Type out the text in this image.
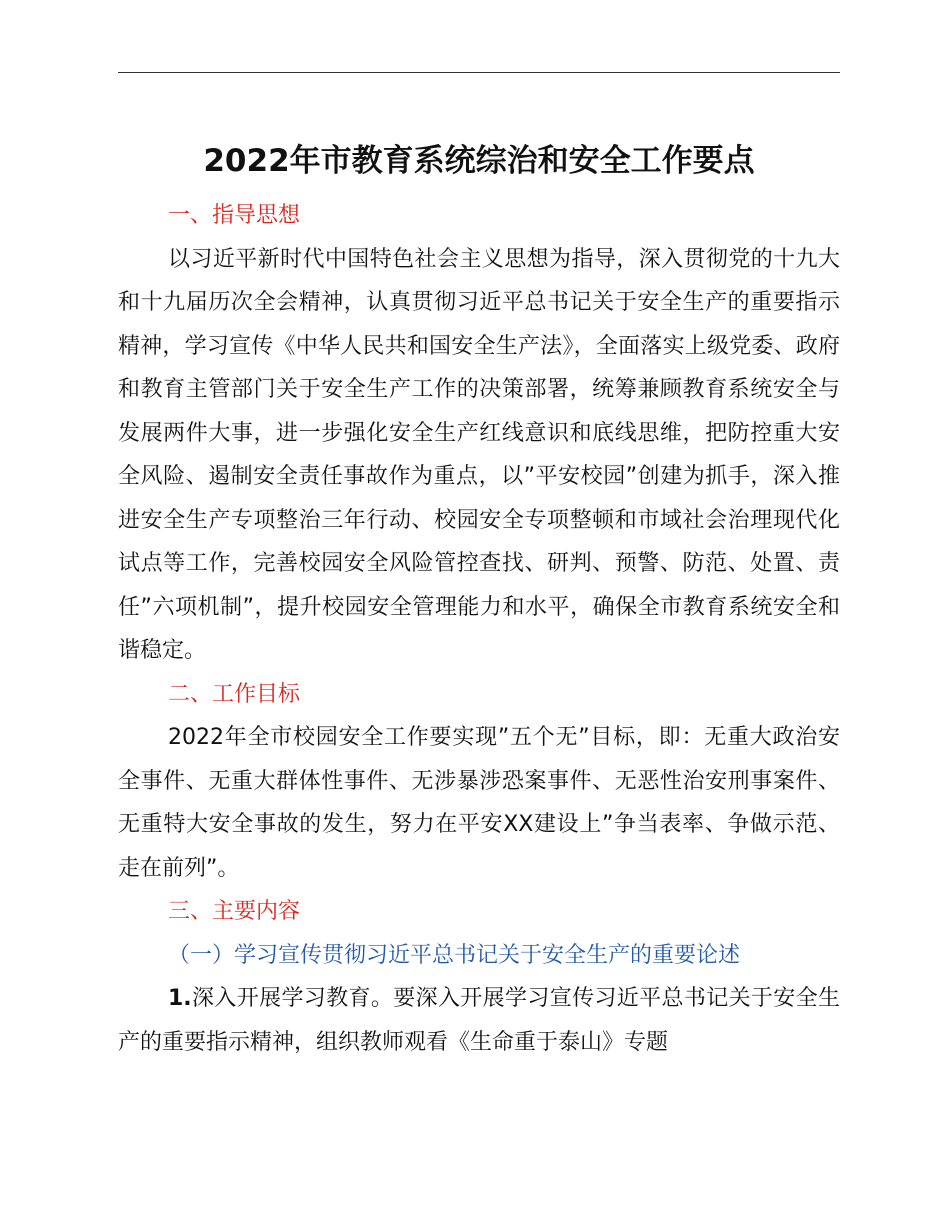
2022年市教育系统综治和安全工作要点

一、指导思想

以习近平新时代中国特色社会主义思想为指导，深入贯彻党的十九大和十九届历次全会精神，认真贯彻习近平总书记关于安全生产的重要指示精神，学习宣传《中华人民共和国安全生产法》，全面落实上级党委、政府和教育主管部门关于安全生产工作的决策部署，统筹兼顾教育系统安全与发展两件大事，进一步强化安全生产红线意识和底线思维，把防控重大安全风险、遏制安全责任事故作为重点，以”平安校园”创建为抓手，深入推进安全生产专项整治三年行动、校园安全专项整顿和市域社会治理现代化试点等工作，完善校园安全风险管控查找、研判、预警、防范、处置、责任”六项机制”，提升校园安全管理能力和水平，确保全市教育系统安全和谐稳定。

二、工作目标

2022年全市校园安全工作要实现”五个无”目标，即：无重大政治安全事件、无重大群体性事件、无涉暴涉恐案事件、无恶性治安刑事案件、无重特大安全事故的发生，努力在平安XX建设上”争当表率、争做示范、走在前列”。

三、主要内容

（一）学习宣传贯彻习近平总书记关于安全生产的重要论述

1.深入开展学习教育。要深入开展学习宣传习近平总书记关于安全生产的重要指示精神，组织教师观看《生命重于泰山》专题
